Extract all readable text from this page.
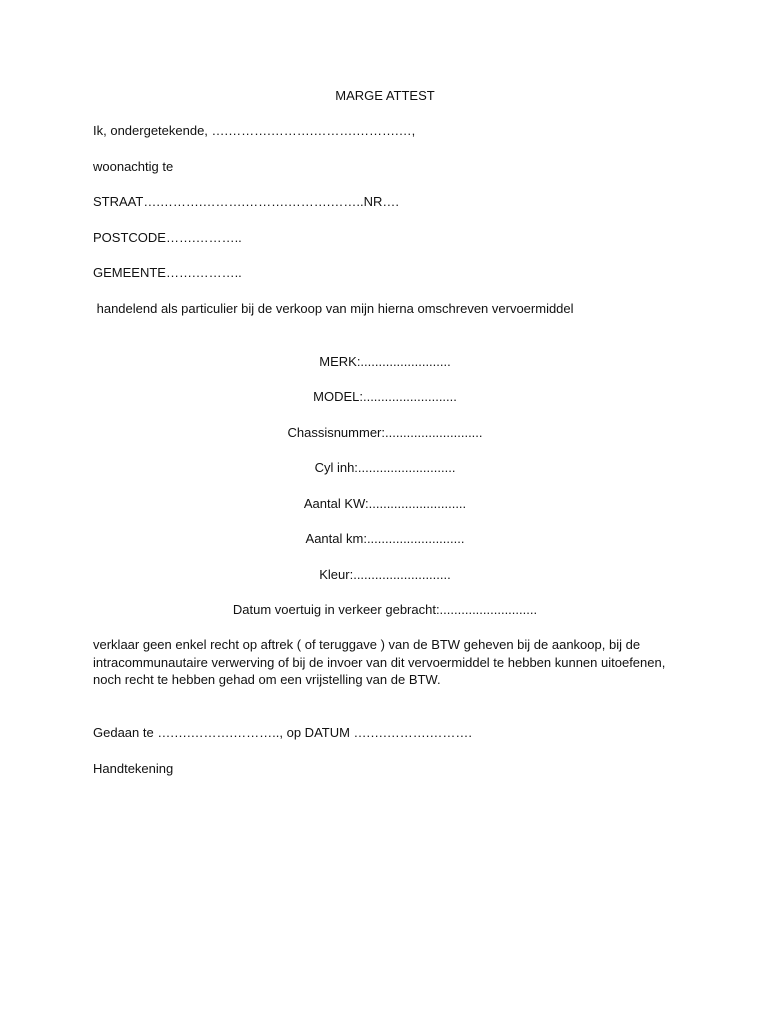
MARGE ATTEST
Ik, ondergetekende, ….……….……….……….……….…,
woonachtig te
STRAAT….……….……….……….……….……..NR….
POSTCODE…….………..
GEMEENTE…….………..
handelend als particulier bij de verkoop van mijn hierna omschreven vervoermiddel
MERK:.........................
MODEL:..........................
Chassisnummer:...........................
Cyl inh:...........................
Aantal KW:...........................
Aantal km:...........................
Kleur:...........................
Datum voertuig in verkeer gebracht:...........................
verklaar geen enkel recht op aftrek ( of teruggave ) van de BTW geheven bij de aankoop, bij de intracommunautaire verwerving of bij de invoer van dit vervoermiddel te hebben kunnen uitoefenen, noch recht te hebben gehad om een vrijstelling van de BTW.
Gedaan te ….….……….……….., op DATUM ….….……….……….
Handtekening
